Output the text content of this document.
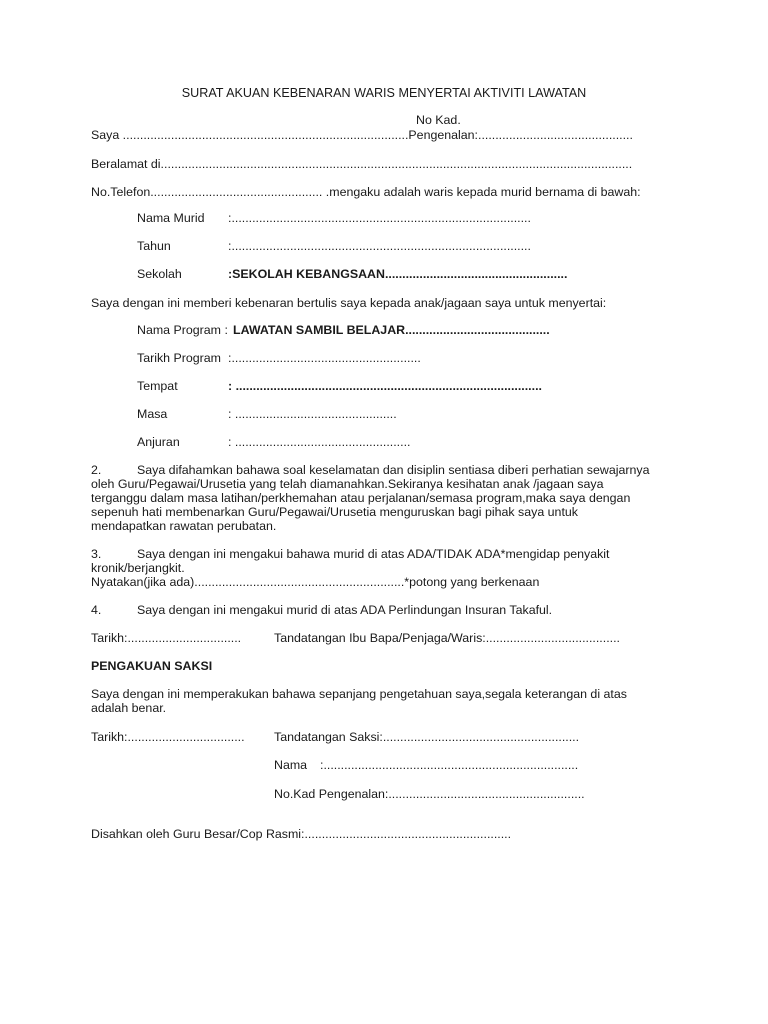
SURAT AKUAN KEBENARAN WARIS MENYERTAI AKTIVITI LAWATAN
No Kad.
Saya ...................................................................................Pengenalan:.............................................
Beralamat di.........................................................................................................................................
No.Telefon.................................................. .mengaku adalah waris kepada murid bernama di bawah:
Nama Murid :.......................................................................................
Tahun	:.......................................................................................
Sekolah	:SEKOLAH KEBANGSAAN.....................................................
Saya dengan ini memberi kebenaran bertulis saya kepada anak/jagaan saya untuk menyertai:
Nama Program : LAWATAN SAMBIL BELAJAR..........................................
Tarikh Program :.......................................................
Tempat	: .........................................................................................
Masa	: ...............................................
Anjuran	: ...................................................
2.	Saya difahamkan bahawa soal keselamatan dan disiplin sentiasa diberi perhatian sewajarnya
oleh Guru/Pegawai/Urusetia yang telah diamanahkan.Sekiranya kesihatan anak /jagaan saya
terganggu dalam masa latihan/perkhemahan atau perjalanan/semasa program,maka saya dengan
sepenuh hati membenarkan Guru/Pegawai/Urusetia menguruskan bagi pihak saya untuk
mendapatkan rawatan perubatan.
3.	Saya dengan ini mengakui bahawa murid di atas ADA/TIDAK ADA*mengidap penyakit
kronik/berjangkit.
Nyatakan(jika ada).............................................................*potong yang berkenaan
4.	Saya dengan ini mengakui murid di atas ADA Perlindungan Insuran Takaful.
Tarikh:.................................	Tandatangan Ibu Bapa/Penjaga/Waris:.......................................
PENGAKUAN SAKSI
Saya dengan ini memperakukan bahawa sepanjang pengetahuan saya,segala keterangan di atas
adalah benar.
Tarikh:.................................. Tandatangan Saksi:.........................................................
Nama :..........................................................................
No.Kad Pengenalan:.........................................................
Disahkan oleh Guru Besar/Cop Rasmi:............................................................
